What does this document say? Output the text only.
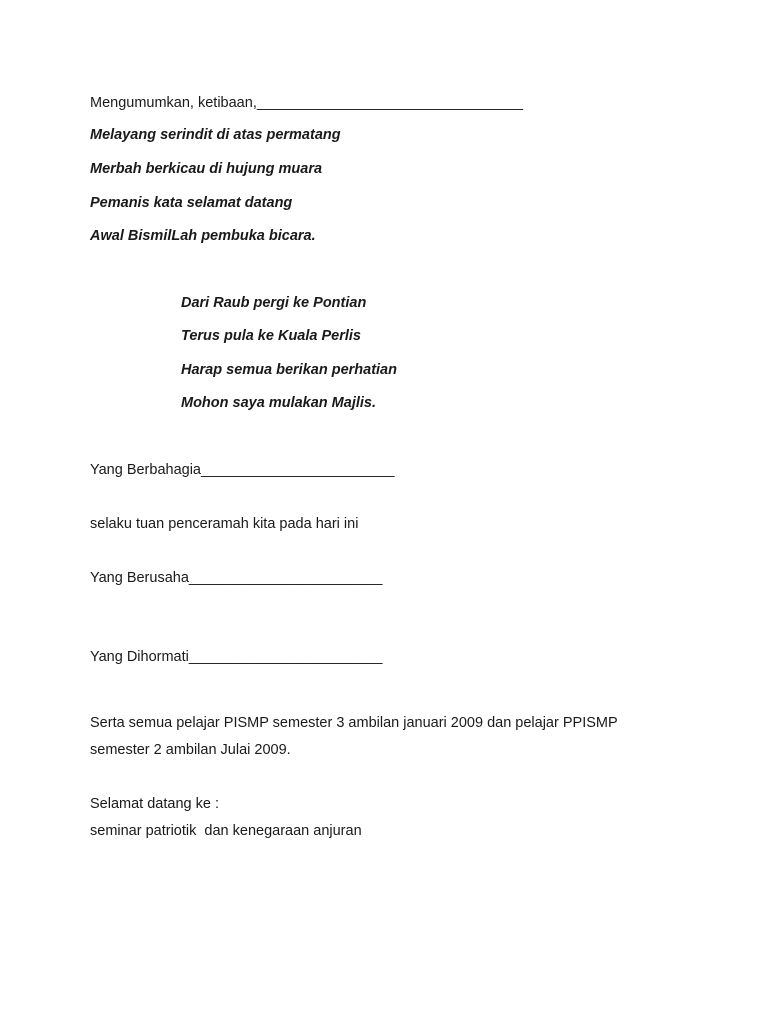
Mengumumkan, ketibaan,_________________________________
Melayang serindit di atas permatang
Merbah berkicau di hujung muara
Pemanis kata selamat datang
Awal BismilLah pembuka bicara.
Dari Raub pergi ke Pontian
Terus pula ke Kuala Perlis
Harap semua berikan perhatian
Mohon saya mulakan Majlis.
Yang Berbahagia________________________
selaku tuan penceramah kita pada hari ini
Yang Berusaha________________________
Yang Dihormati________________________
Serta semua pelajar PISMP semester 3 ambilan januari 2009 dan pelajar PPISMP
semester 2 ambilan Julai 2009.
Selamat datang ke :
seminar patriotik  dan kenegaraan anjuran
